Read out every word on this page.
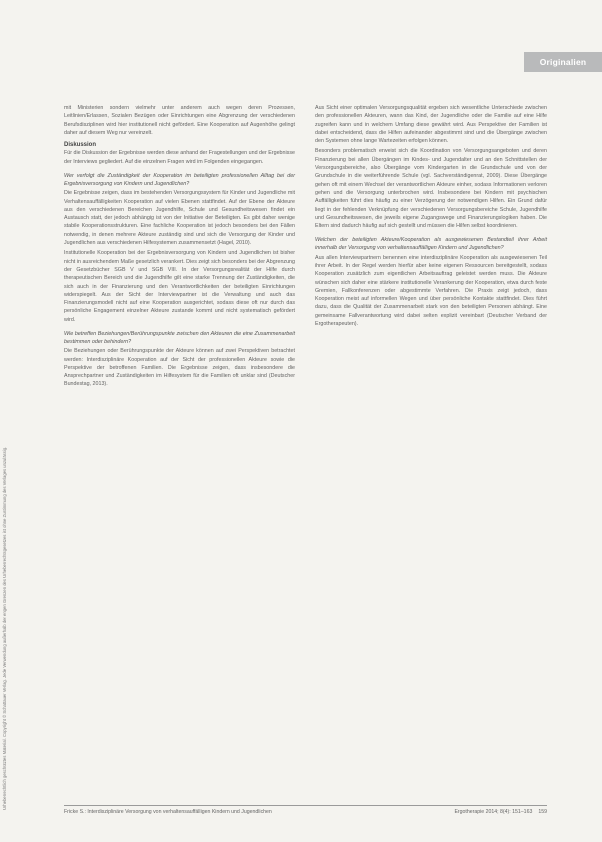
Originalien
Urheberrechtlich geschütztes Material. Copyright © Schattauer Verlag. Jede Verwendung außerhalb der engen Grenzen des Urheberrechtsgesetzes ist ohne Zustimmung des Verlages unzulässig.

mit Ministerien sondern vielmehr unter anderem auch wegen deren Prozessen, Leitlinien/Erlassen, Sozialen Bezügen oder Einrichtungen eine Abgrenzung der verschiedenen Berufsdisziplinen wird hier institutionell nicht gefördert. Eine Kooperation auf Augenhöhe gelingt daher auf diesem Weg nur vereinzelt.

Diskussion

Für die Diskussion der Ergebnisse werden diese anhand der Fragestellungen und der Ergebnisse der Interviews gegliedert. Auf die einzelnen Fragen wird im Folgenden eingegangen.

Wer verfolgt die Zuständigkeit der Kooperation im beteiligten professionellen Alltag bei der Ergebnisversorgung von Kindern und Jugendlichen?

Die Ergebnisse zeigen, dass im bestehenden Versorgungssystem für Kinder und Jugendliche mit Verhaltensauffälligkeiten Kooperation auf vielen Ebenen stattfindet. Auf der Ebene der Akteure aus den verschiedenen Bereichen Jugendhilfe, Schule und Gesundheitswesen findet ein Austausch statt, der jedoch abhängig ist von der Initiative der Beteiligten. Es gibt daher wenige stabile Kooperationsstrukturen. Eine fachliche Kooperation ist jedoch besonders bei den Fällen notwendig, in denen mehrere Akteure zuständig sind und sich die Versorgung der Kinder und Jugendlichen aus verschiedenen Hilfesystemen zusammensetzt (Hagel, 2010).

Institutionelle Kooperation bei der Ergebnisversorgung von Kindern und Jugendlichen ist bisher nicht in ausreichendem Maße gesetzlich verankert. Dies zeigt sich besonders bei der Abgrenzung der Gesetzbücher SGB V und SGB VIII. In der Versorgungsrealität der Hilfe durch therapeutischen Bereich und die Jugendhilfe gilt eine starke Trennung der Zuständigkeiten, die sich auch in der Finanzierung und den Verantwortlichkeiten der beteiligten Einrichtungen widerspiegelt. Aus der Sicht der Interviewpartner ist die Verwaltung und auch das Finanzierungsmodell nicht auf eine Kooperation ausgerichtet, sodass diese oft nur durch das persönliche Engagement einzelner Akteure zustande kommt und nicht systematisch gefördert wird.

Wie betreffen Beziehungen/Berührungspunkte zwischen den Akteuren die eine Zusammenarbeit bestimmen oder behindern?

Die Beziehungen oder Berührungspunkte der Akteure können auf zwei Perspektiven betrachtet werden: Interdisziplinäre Kooperation auf der Sicht der professionellen Akteure sowie die Perspektive der betroffenen Familien. Die Ergebnisse zeigen, dass insbesondere die Ansprechpartner und Zuständigkeiten im Hilfesystem für die Familien oft unklar sind (Deutscher Bundestag, 2013).

Aus Sicht einer optimalen Versorgungsqualität ergeben sich wesentliche Unterschiede zwischen den professionellen Akteuren, wann das Kind, der Jugendliche oder die Familie auf eine Hilfe zugreifen kann und in welchem Umfang diese gewährt wird. Aus Perspektive der Familien ist dabei entscheidend, dass die Hilfen aufeinander abgestimmt sind und die Übergänge zwischen den Systemen ohne lange Wartezeiten erfolgen können.

Besonders problematisch erweist sich die Koordination von Versorgungsangeboten und deren Finanzierung bei allen Übergängen im Kindes- und Jugendalter und an den Schnittstellen der Versorgungsbereiche, also Übergänge vom Kindergarten in die Grundschule und von der Grundschule in die weiterführende Schule (vgl. Sachverständigenrat, 2009). Diese Übergänge gehen oft mit einem Wechsel der verantwortlichen Akteure einher, sodass Informationen verloren gehen und die Versorgung unterbrochen wird. Insbesondere bei Kindern mit psychischen Auffälligkeiten führt dies häufig zu einer Verzögerung der notwendigen Hilfen. Ein Grund dafür liegt in der fehlenden Verknüpfung der verschiedenen Versorgungsbereiche Schule, Jugendhilfe und Gesundheitswesen, die jeweils eigene Zugangswege und Finanzierungslogiken haben. Die Eltern sind dadurch häufig auf sich gestellt und müssen die Hilfen selbst koordinieren.

Welchen der beteiligten Akteure/Kooperation als ausgewiesenen Bestandteil ihrer Arbeit innerhalb der Versorgung von verhaltensauffälligen Kindern und Jugendlichen?

Aus allen Interviewpartnern benennen eine interdisziplinäre Kooperation als ausgewiesenen Teil ihrer Arbeit. In der Regel werden hierfür aber keine eigenen Ressourcen bereitgestellt, sodass Kooperation zusätzlich zum eigentlichen Arbeitsauftrag geleistet werden muss. Die Akteure wünschen sich daher eine stärkere institutionelle Verankerung der Kooperation, etwa durch feste Gremien, Fallkonferenzen oder abgestimmte Verfahren. Die Praxis zeigt jedoch, dass Kooperation meist auf informellen Wegen und über persönliche Kontakte stattfindet. Dies führt dazu, dass die Qualität der Zusammenarbeit stark von den beteiligten Personen abhängt. Eine gemeinsame Fallverantwortung wird dabei selten explizit vereinbart (Deutscher Verband der Ergotherapeuten).

Fricke S.: Interdisziplinäre Versorgung von verhaltensauffälligen Kindern und Jugendlichen	Ergotherapie 2014; 8(4): 151–163 159
